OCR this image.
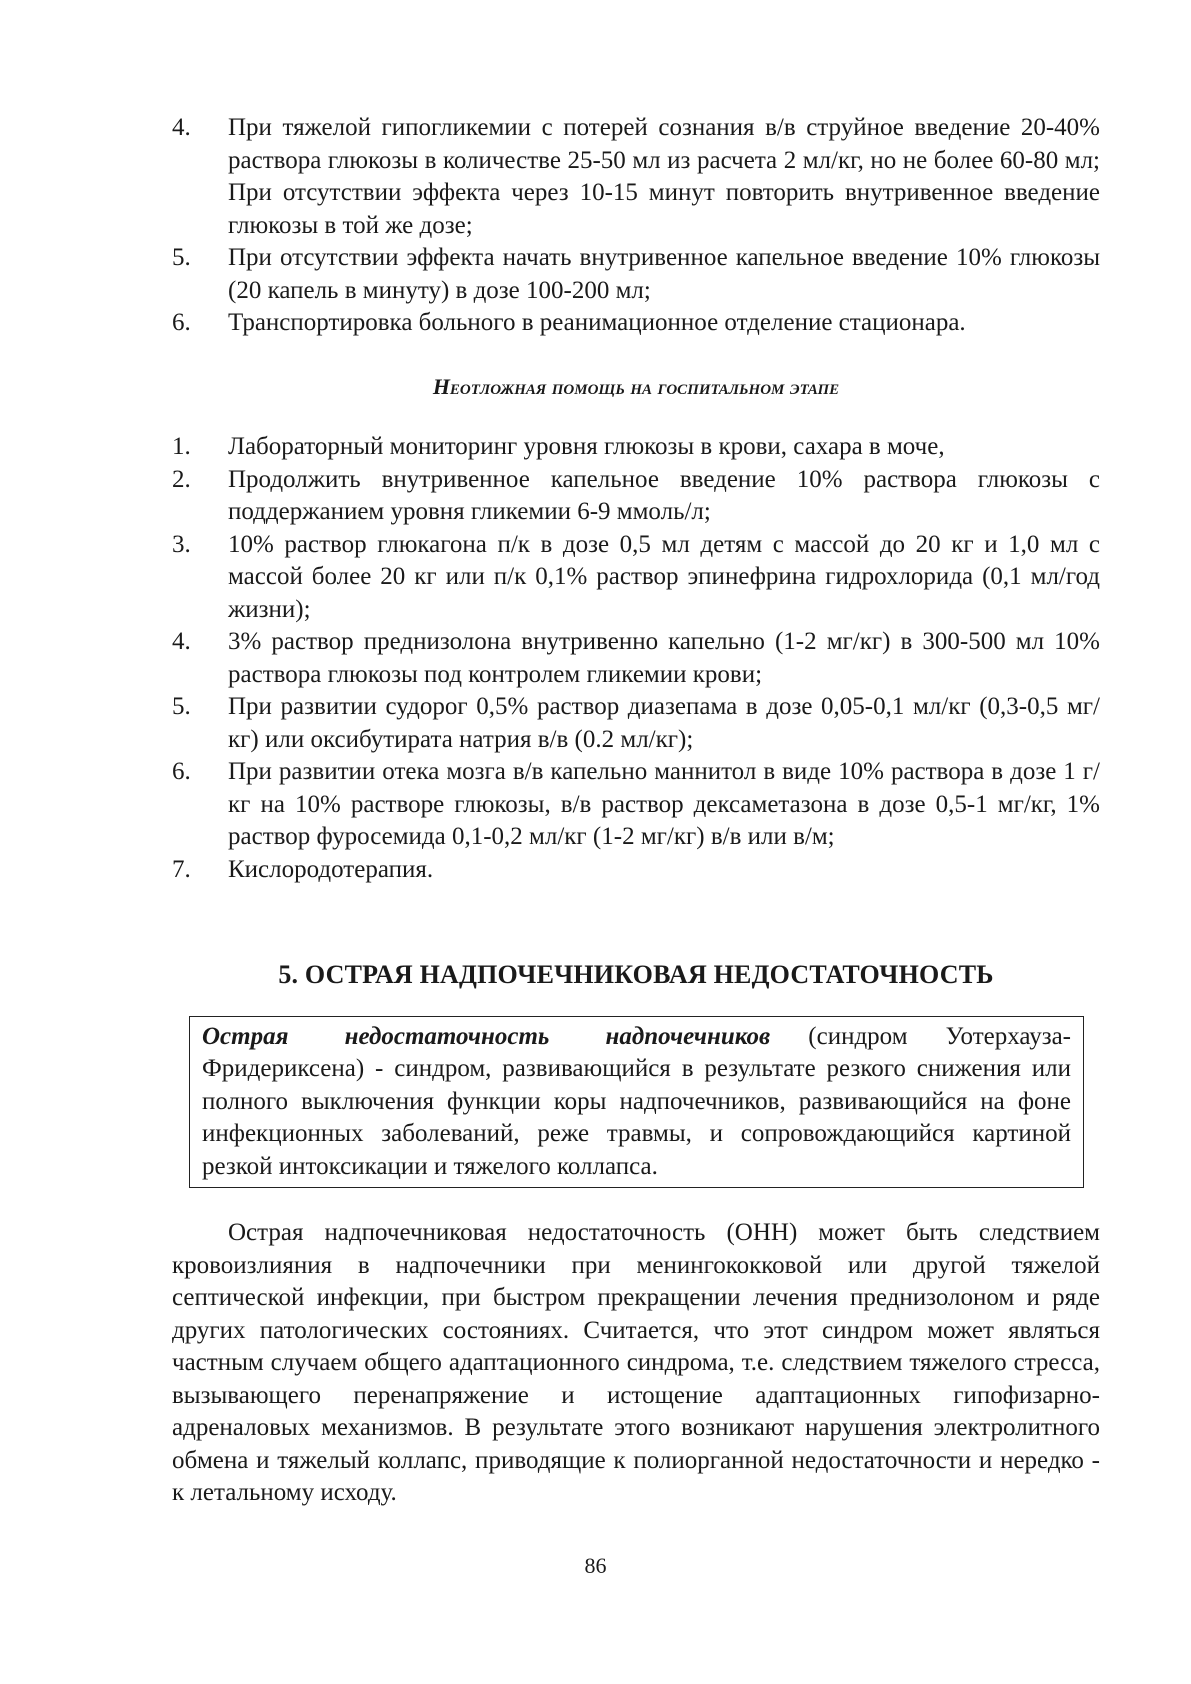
4.	При тяжелой гипогликемии с потерей сознания в/в струйное введение 20-40% раствора глюкозы в количестве 25-50 мл из расчета 2 мл/кг, но не более 60-80 мл; При отсутствии эффекта через 10-15 минут повторить внутривенное введение глюкозы в той же дозе;
5.	При отсутствии эффекта начать внутривенное капельное введение 10% глюкозы (20 капель в минуту) в дозе 100-200 мл;
6.	Транспортировка больного в реанимационное отделение стационара.
Неотложная помощь на госпитальном этапе
1.	Лабораторный мониторинг уровня глюкозы в крови, сахара в моче,
2.	Продолжить внутривенное капельное введение 10% раствора глюкозы с поддержанием уровня гликемии 6-9 ммоль/л;
3.	10% раствор глюкагона п/к в дозе 0,5 мл детям с массой до 20 кг и 1,0 мл с массой более 20 кг или п/к 0,1% раствор эпинефрина гидрохлорида (0,1 мл/год жизни);
4.	3% раствор преднизолона внутривенно капельно (1-2 мг/кг) в 300-500 мл 10% раствора глюкозы под контролем гликемии крови;
5.	При развитии судорог 0,5% раствор диазепама в дозе 0,05-0,1 мл/кг (0,3-0,5 мг/кг) или оксибутирата натрия в/в (0.2 мл/кг);
6.	При развитии отека мозга в/в капельно маннитол в виде 10% раствора в дозе 1 г/кг на 10% растворе глюкозы, в/в раствор дексаметазона в дозе 0,5-1 мг/кг, 1% раствор фуросемида 0,1-0,2 мл/кг (1-2 мг/кг) в/в или в/м;
7.	Кислородотерапия.
5. ОСТРАЯ НАДПОЧЕЧНИКОВАЯ НЕДОСТАТОЧНОСТЬ
Острая недостаточность надпочечников (синдром Уотерхауза-Фридериксена) - синдром, развивающийся в результате резкого снижения или полного выключения функции коры надпочечников, развивающийся на фоне инфекционных заболеваний, реже травмы, и сопровождающийся картиной резкой интоксикации и тяжелого коллапса.

Острая надпочечниковая недостаточность (ОНН) может быть следствием кровоизлияния в надпочечники при менингококковой или другой тяжелой септической инфекции, при быстром прекращении лечения преднизолоном и ряде других патологических состояниях. Считается, что этот синдром может являться частным случаем общего адаптационного синдрома, т.е. следствием тяжелого стресса, вызывающего перенапряжение и истощение адаптационных гипофизарно-адреналовых механизмов. В результате этого возникают нарушения электролитного обмена и тяжелый коллапс, приводящие к полиорганной недостаточности и нередко - к летальному исходу.

86
